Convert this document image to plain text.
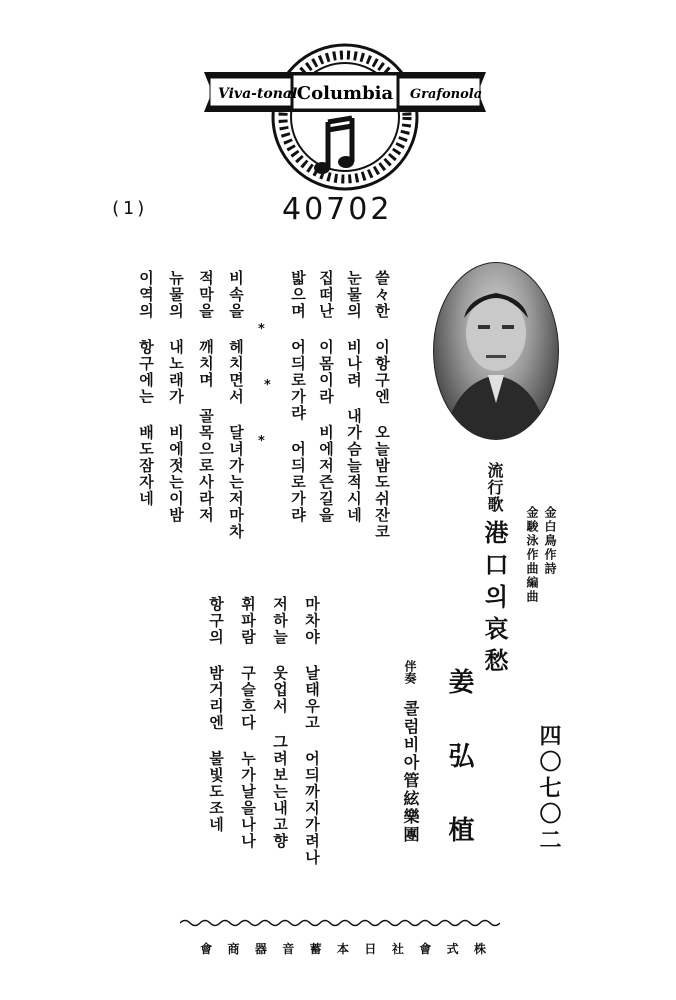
Viva-tonal Columbia Grafonola
(1)	40702
쓸々한 이항구엔 오늘밤도쉬잔코
눈물의 비나려 내가슴늘적시네
집떠난 이몸이라 비에저즌길을
밟으며 어듸로가랴 어듸로가랴
*
*
*
비속을 헤치면서 달녀가는저마차
적막을 깨치며 골목으로사라저
뉴물의 내노래가 비에젓는이밤
이역의 항구에는 배도잠자네
마차야 날태우고 어듸까지가려나
저하늘 웃업서 그려보는내고향
휘파람 구슬흐다 누가날을나나
항구의 밤거리엔 불빛도조네
流行歌
港口의哀愁	金白鳥作詩
金駿泳作曲編曲
姜弘植
伴奏
콜럼비아管絃樂團	四〇七〇二
株
式
會
社
日
本
蓄
音
器
商
會
